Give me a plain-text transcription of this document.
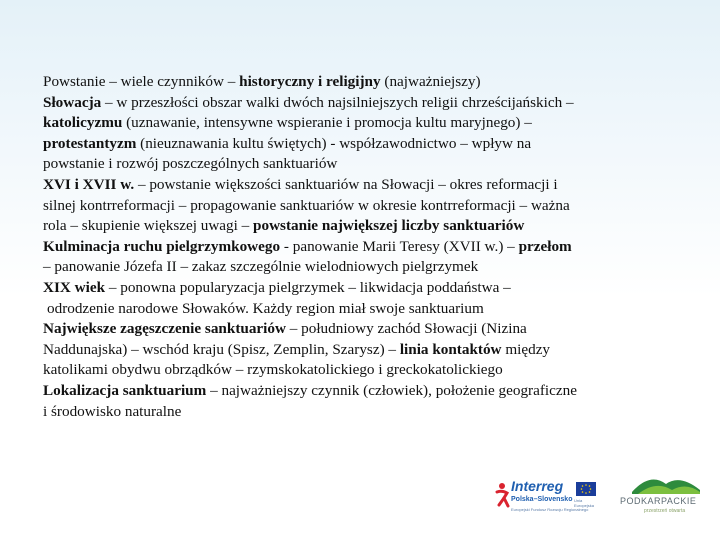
Powstanie – wiele czynników – historyczny i religijny (najważniejszy)
Słowacja – w przeszłości obszar walki dwóch najsilniejszych religii chrześcijańskich –
katolicyzmu (uznawanie, intensywne wspieranie i promocja kultu maryjnego) –
protestantyzm (nieuznawania kultu świętych) - współzawodnictwo – wpływ na
powstanie i rozwój poszczególnych sanktuariów
XVI i XVII w. – powstanie większości sanktuariów na Słowacji – okres reformacji i
silnej kontrreformacji – propagowanie sanktuariów w okresie kontrreformacji – ważna
rola – skupienie większej uwagi – powstanie największej liczby sanktuariów
Kulminacja ruchu pielgrzymkowego - panowanie Marii Teresy (XVII w.) – przełom
– panowanie Józefa II – zakaz szczególnie wielodniowych pielgrzymek
XIX wiek – ponowna popularyzacja pielgrzymek – likwidacja poddaństwa –
odrodzenie narodowe Słowaków. Każdy region miał swoje sanktuarium
Największe zagęszczenie sanktuariów – południowy zachód Słowacji (Nizina
Naddunajska) – wschód kraju (Spisz, Zemplin, Szarysz) – linia kontaktów między
katolikami obydwu obrządków – rzymskokatolickiego i greckokatolickiego
Lokalizacja sanktuarium – najważniejszy czynnik (człowiek), położenie geograficzne
i środowisko naturalne
Interreg
Polska–Slovensko
Europejski Fundusz Rozwoju Regionalnego
Unia Europejska	PODKARPACKIE
przestrzeń otwarta
